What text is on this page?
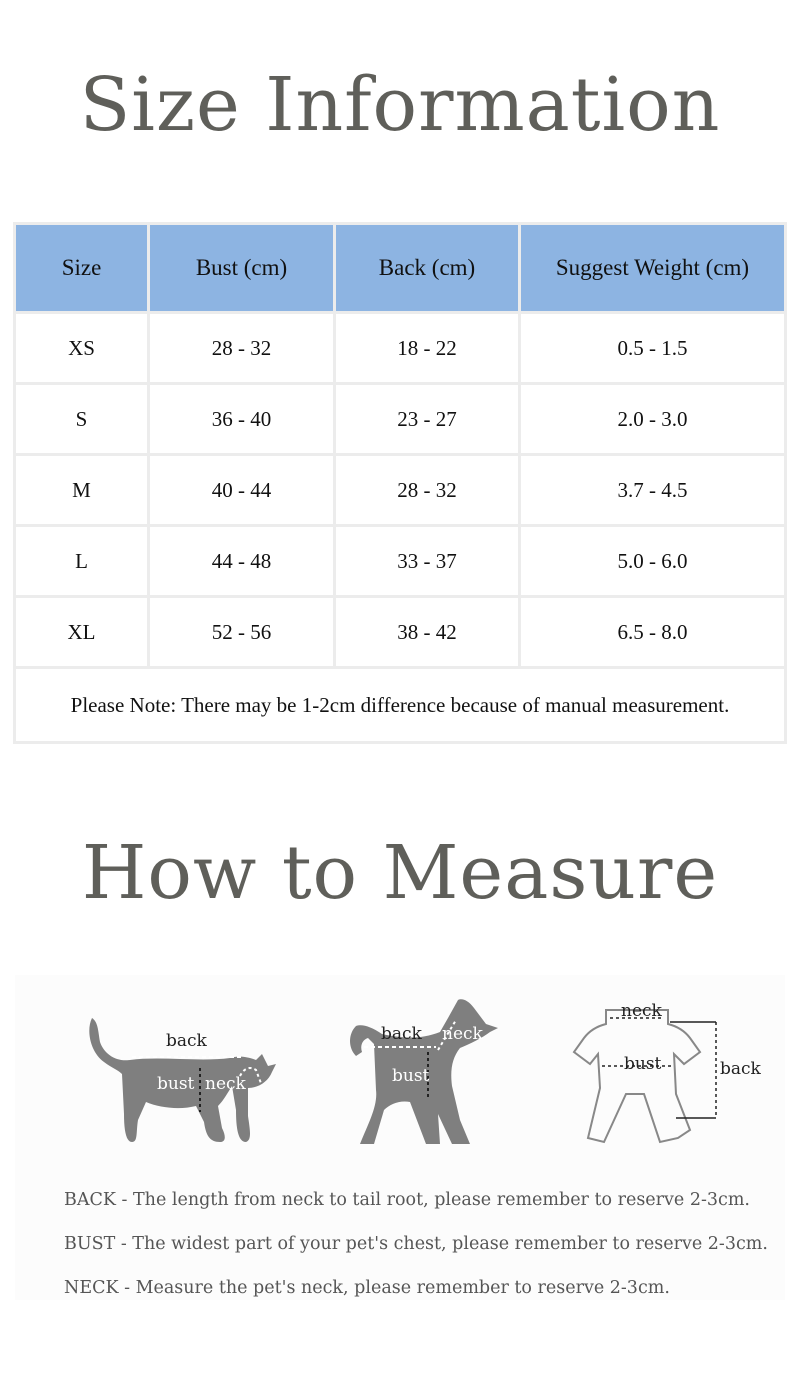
Size Information
Size	Bust (cm)	Back (cm)	Suggest Weight (cm)
XS	28 - 32	18 - 22	0.5 - 1.5
S	36 - 40	23 - 27	2.0 - 3.0
M	40 - 44	28 - 32	3.7 - 4.5
L	44 - 48	33 - 37	5.0 - 6.0
XL	52 - 56	38 - 42	6.5 - 8.0
Please Note: There may be 1-2cm difference because of manual measurement.			
How to Measure
back
bust neck
back
bust
neck
neck
bust	back
BACK - The length from neck to tail root, please remember to reserve 2-3cm.
BUST - The widest part of your pet's chest, please remember to reserve 2-3cm.
NECK - Measure the pet's neck, please remember to reserve 2-3cm.
